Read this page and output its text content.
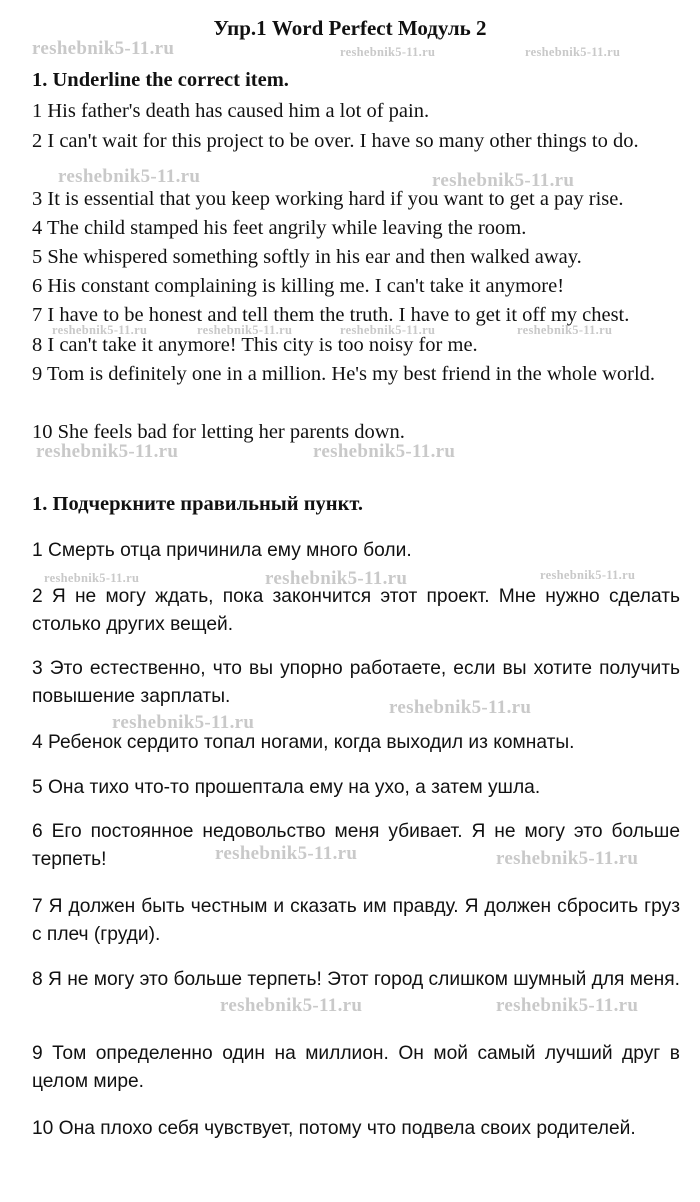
Упр.1 Word Perfect Модуль 2
1. Underline the correct item.
1 His father's death has caused him a lot of pain.
2 I can't wait for this project to be over. I have so many other things to do.
3 It is essential that you keep working hard if you want to get a pay rise.
4 The child stamped his feet angrily while leaving the room.
5 She whispered something softly in his ear and then walked away.
6 His constant complaining is killing me. I can't take it anymore!
7 I have to be honest and tell them the truth. I have to get it off my chest.
8 I can't take it anymore! This city is too noisy for me.
9 Tom is definitely one in a million. He's my best friend in the whole world.
10 She feels bad for letting her parents down.
1. Подчеркните правильный пункт.
1 Смерть отца причинила ему много боли.
2 Я не могу ждать, пока закончится этот проект. Мне нужно сделать столько других вещей.
3 Это естественно, что вы упорно работаете, если вы хотите получить повышение зарплаты.
4 Ребенок сердито топал ногами, когда выходил из комнаты.
5 Она тихо что-то прошептала ему на ухо, а затем ушла.
6 Его постоянное недовольство меня убивает. Я не могу это больше терпеть!
7 Я должен быть честным и сказать им правду. Я должен сбросить груз с плеч (груди).
8 Я не могу это больше терпеть! Этот город слишком шумный для меня.
9 Том определенно один на миллион. Он мой самый лучший друг в целом мире.
10 Она плохо себя чувствует, потому что подвела своих родителей.
reshebnik5-11.ru	reshebnik5-11.ru	reshebnik5-11.ru
reshebnik5-11.ru	reshebnik5-11.ru
reshebnik5-11.ru	reshebnik5-11.ru	reshebnik5-11.ru	reshebnik5-11.ru
reshebnik5-11.ru	reshebnik5-11.ru
reshebnik5-11.ru	reshebnik5-11.ru	reshebnik5-11.ru
reshebnik5-11.ru
reshebnik5-11.ru
reshebnik5-11.ru	reshebnik5-11.ru
reshebnik5-11.ru	reshebnik5-11.ru
